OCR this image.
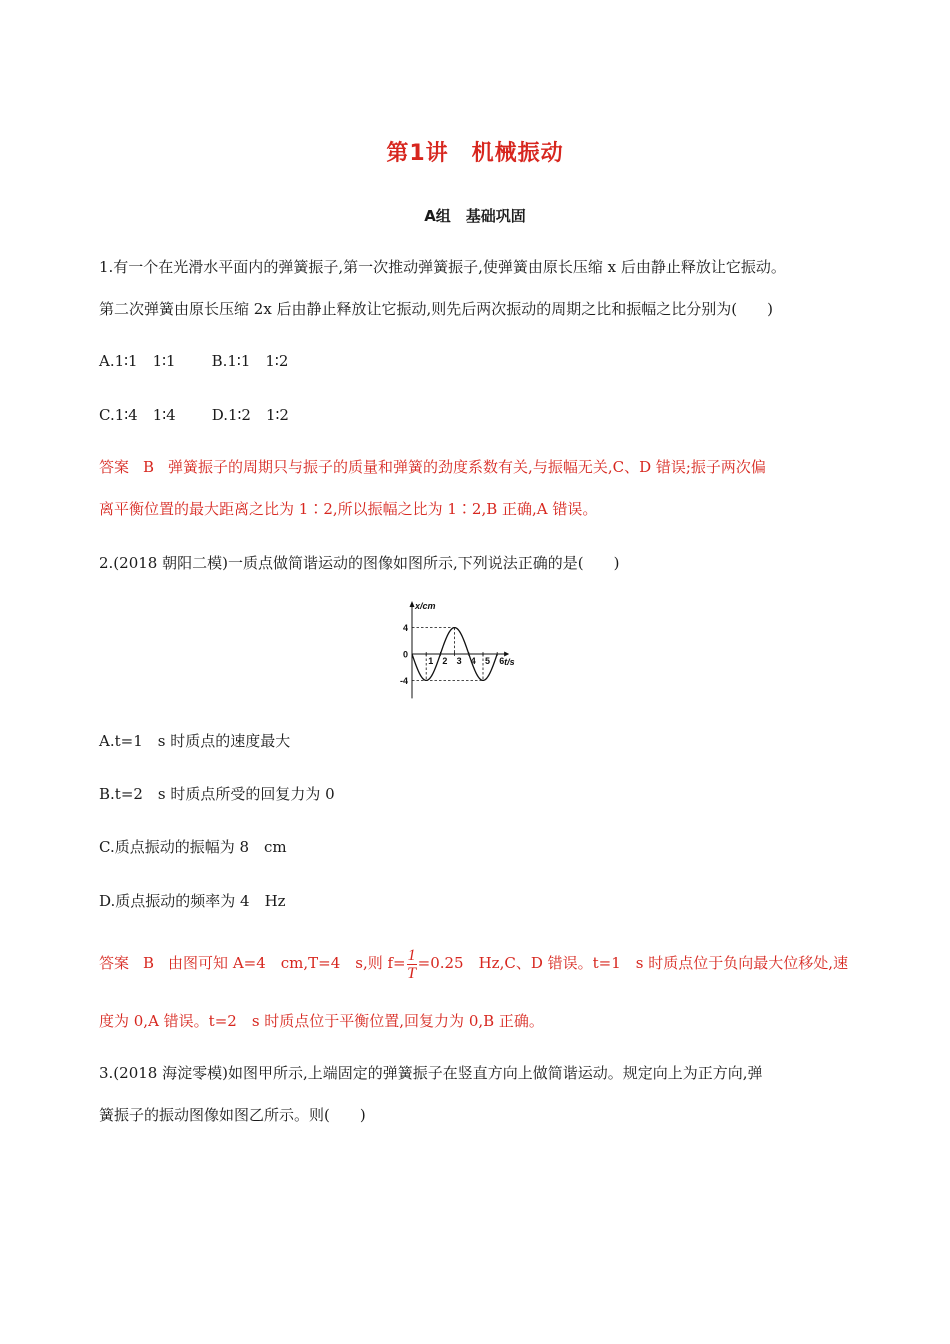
第1讲　机械振动
A组　基础巩固
1.有一个在光滑水平面内的弹簧振子,第一次推动弹簧振子,使弹簧由原长压缩 x 后由静止释放让它振动。
第二次弹簧由原长压缩 2x 后由静止释放让它振动,则先后两次振动的周期之比和振幅之比分别为(　　)
A.1∶1　1∶1 B.1∶1　1∶2
C.1∶4　1∶4 D.1∶2　1∶2
答案 B 弹簧振子的周期只与振子的质量和弹簧的劲度系数有关,与振幅无关,C、D 错误;振子两次偏
离平衡位置的最大距离之比为 1∶2,所以振幅之比为 1∶2,B 正确,A 错误。
2.(2018 朝阳二模)一质点做简谐运动的图像如图所示,下列说法正确的是(　　)
x/cm
t/s
4
0
-4
1 2 3 4 5 6
A.t=1　s 时质点的速度最大
B.t=2　s 时质点所受的回复力为 0
C.质点振动的振幅为 8　cm
D.质点振动的频率为 4　Hz
答案 B 由图可知 A=4　cm,T=4　s,则 $f= \frac{1}{T} =0.25$　Hz,C、D 错误。t=1　s 时质点位于负向最大位移处,速
度为 0,A 错误。t=2　s 时质点位于平衡位置,回复力为 0,B 正确。
3.(2018 海淀零模)如图甲所示,上端固定的弹簧振子在竖直方向上做简谐运动。规定向上为正方向,弹
簧振子的振动图像如图乙所示。则(　　)
